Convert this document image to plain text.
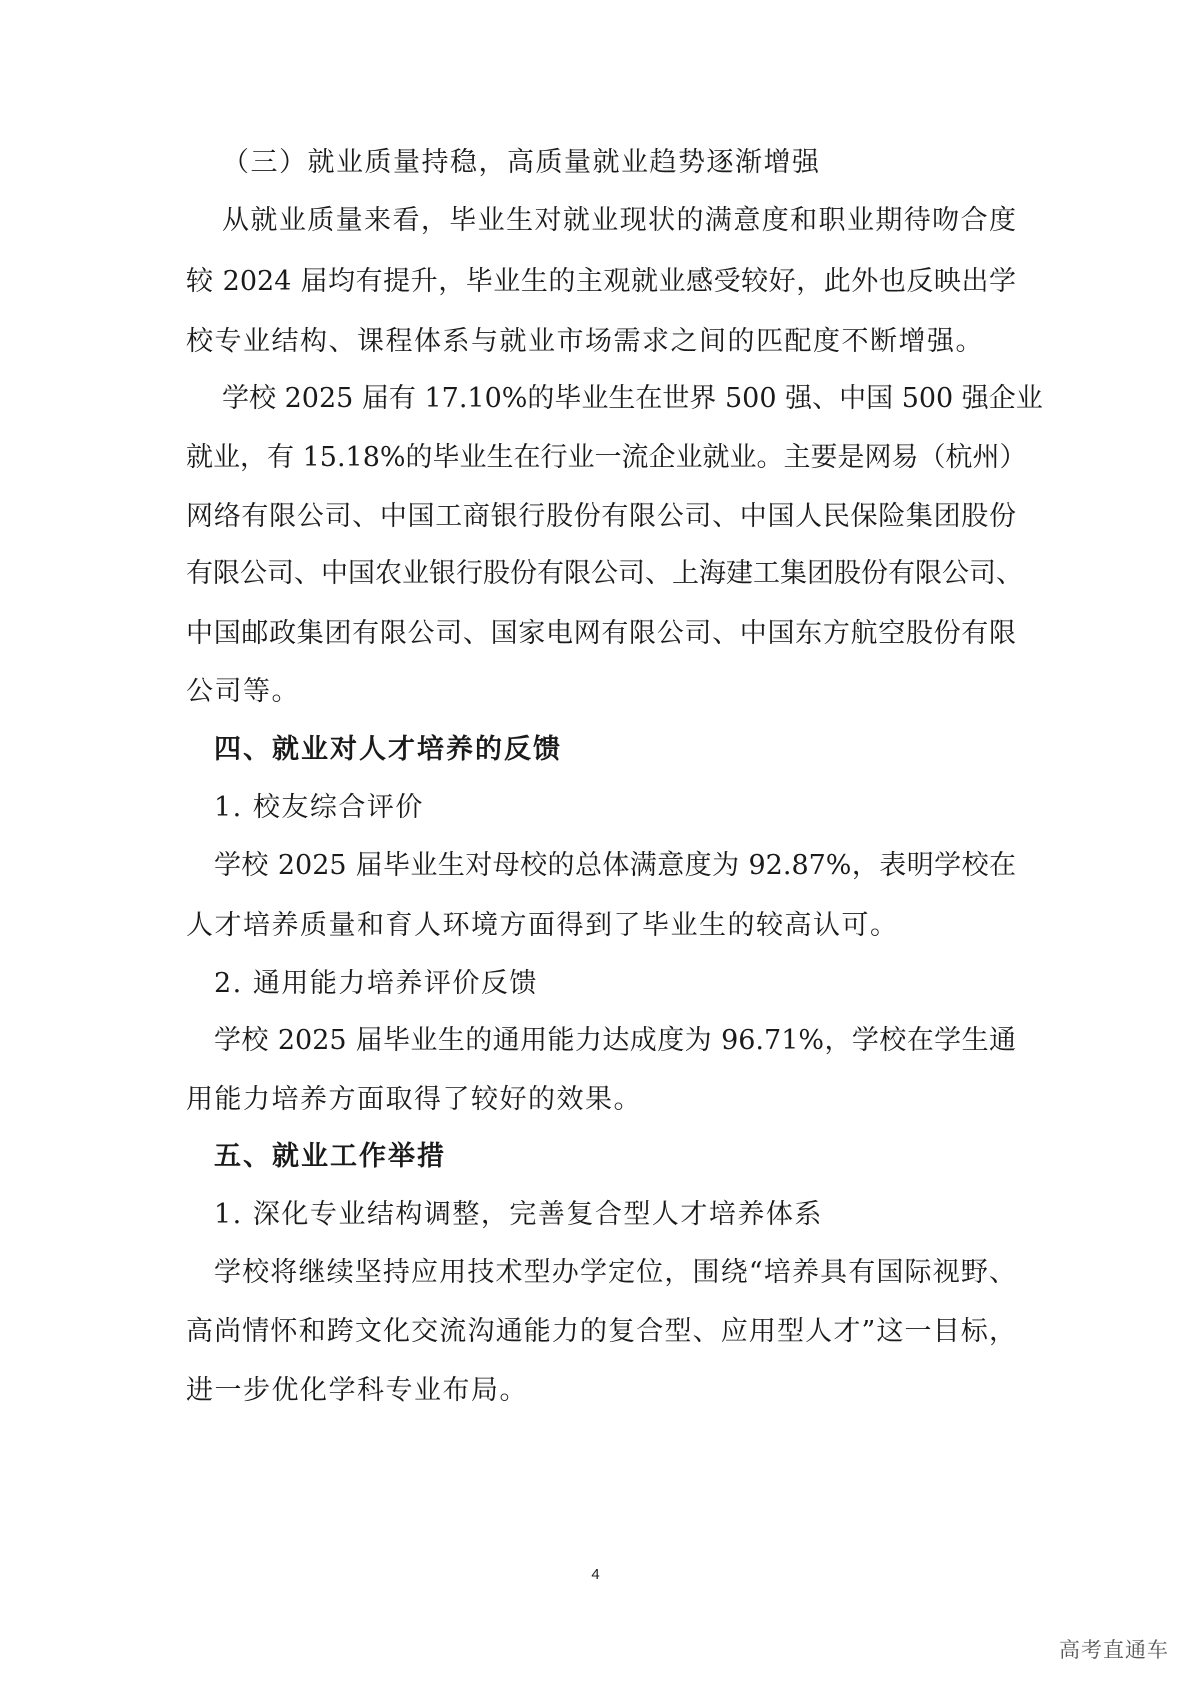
（三）就业质量持稳，高质量就业趋势逐渐增强
从就业质量来看，毕业生对就业现状的满意度和职业期待吻合度
较 2024 届均有提升，毕业生的主观就业感受较好，此外也反映出学
校专业结构、课程体系与就业市场需求之间的匹配度不断增强。
学校 2025 届有 17.10%的毕业生在世界 500 强、中国 500 强企业
就业，有 15.18%的毕业生在行业一流企业就业。主要是网易（杭州）
网络有限公司、中国工商银行股份有限公司、中国人民保险集团股份
有限公司、中国农业银行股份有限公司、上海建工集团股份有限公司、
中国邮政集团有限公司、国家电网有限公司、中国东方航空股份有限
公司等。
四、就业对人才培养的反馈
1. 校友综合评价
学校 2025 届毕业生对母校的总体满意度为 92.87%，表明学校在
人才培养质量和育人环境方面得到了毕业生的较高认可。
2. 通用能力培养评价反馈
学校 2025 届毕业生的通用能力达成度为 96.71%，学校在学生通
用能力培养方面取得了较好的效果。
五、就业工作举措
1. 深化专业结构调整，完善复合型人才培养体系
学校将继续坚持应用技术型办学定位，围绕“培养具有国际视野、
高尚情怀和跨文化交流沟通能力的复合型、应用型人才”这一目标，
进一步优化学科专业布局。
4
高考直通车
